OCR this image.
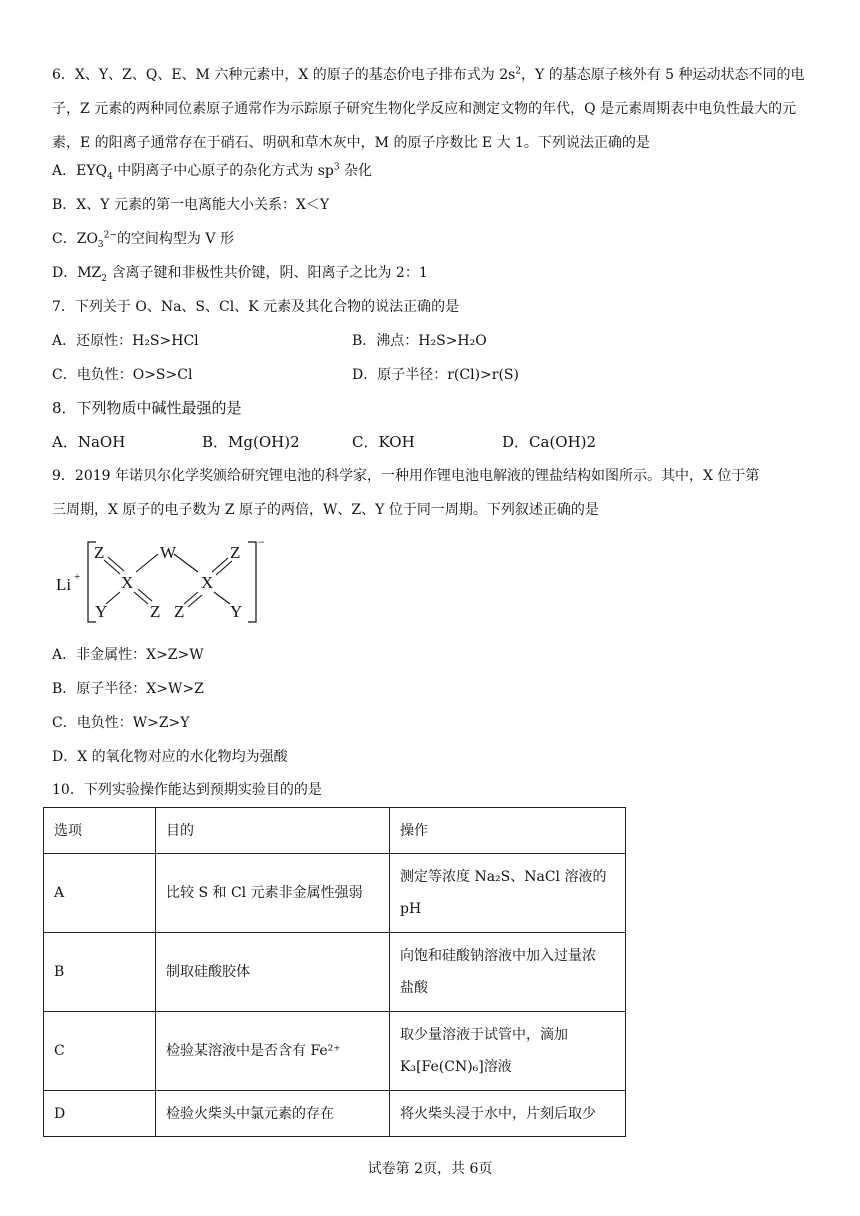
6．X、Y、Z、Q、E、M 六种元素中，X 的原子的基态价电子排布式为 $2s^2$，Y 的基态原子核外有 5 种运动状态不同的电子，Z 元素的两种同位素原子通常作为示踪原子研究生物化学反应和测定文物的年代，Q 是元素周期表中电负性最大的元素，E 的阳离子通常存在于硝石、明矾和草木灰中，M 的原子序数比 E 大 1。下列说法正确的是
A．$EYQ_4$ 中阴离子中心原子的杂化方式为 $sp^3$ 杂化
B．X、Y 元素的第一电离能大小关系：X＜Y
C．$ZO_3^{2-}$的空间构型为 V 形
D．$MZ_2$ 含离子键和非极性共价键，阴、阳离子之比为 2：1
7．下列关于 O、Na、S、Cl、K 元素及其化合物的说法正确的是
A．还原性：H₂S>HCl	B．沸点：H₂S>H₂O
C．电负性：O>S>Cl	D．原子半径：r(Cl)>r(S)
8．下列物质中碱性最强的是
A．NaOH	B．Mg(OH)2	C．KOH	D．Ca(OH)2
9．2019 年诺贝尔化学奖颁给研究锂电池的科学家，一种用作锂电池电解液的锂盐结构如图所示。其中，X 位于第
三周期，X 原子的电子数为 Z 原子的两倍，W、Z、Y 位于同一周期。下列叙述正确的是
Li +
−
Z	W	Z
X	X
Y	Z Z	Y
A．非金属性：X>Z>W
B．原子半径：X>W>Z
C．电负性：W>Z>Y
D．X 的氧化物对应的水化物均为强酸
10．下列实验操作能达到预期实验目的的是
选项	目的	操作
A	比较 S 和 Cl 元素非金属性强弱	测定等浓度 Na₂S、NaCl 溶液的
pH

B	制取硅酸胶体	向饱和硅酸钠溶液中加入过量浓
盐酸

C	检验某溶液中是否含有 Fe²⁺	取少量溶液于试管中，滴加
K₃[Fe(CN)₆]溶液

D	检验火柴头中氯元素的存在	将火柴头浸于水中，片刻后取少
试卷第 2页，共 6页
